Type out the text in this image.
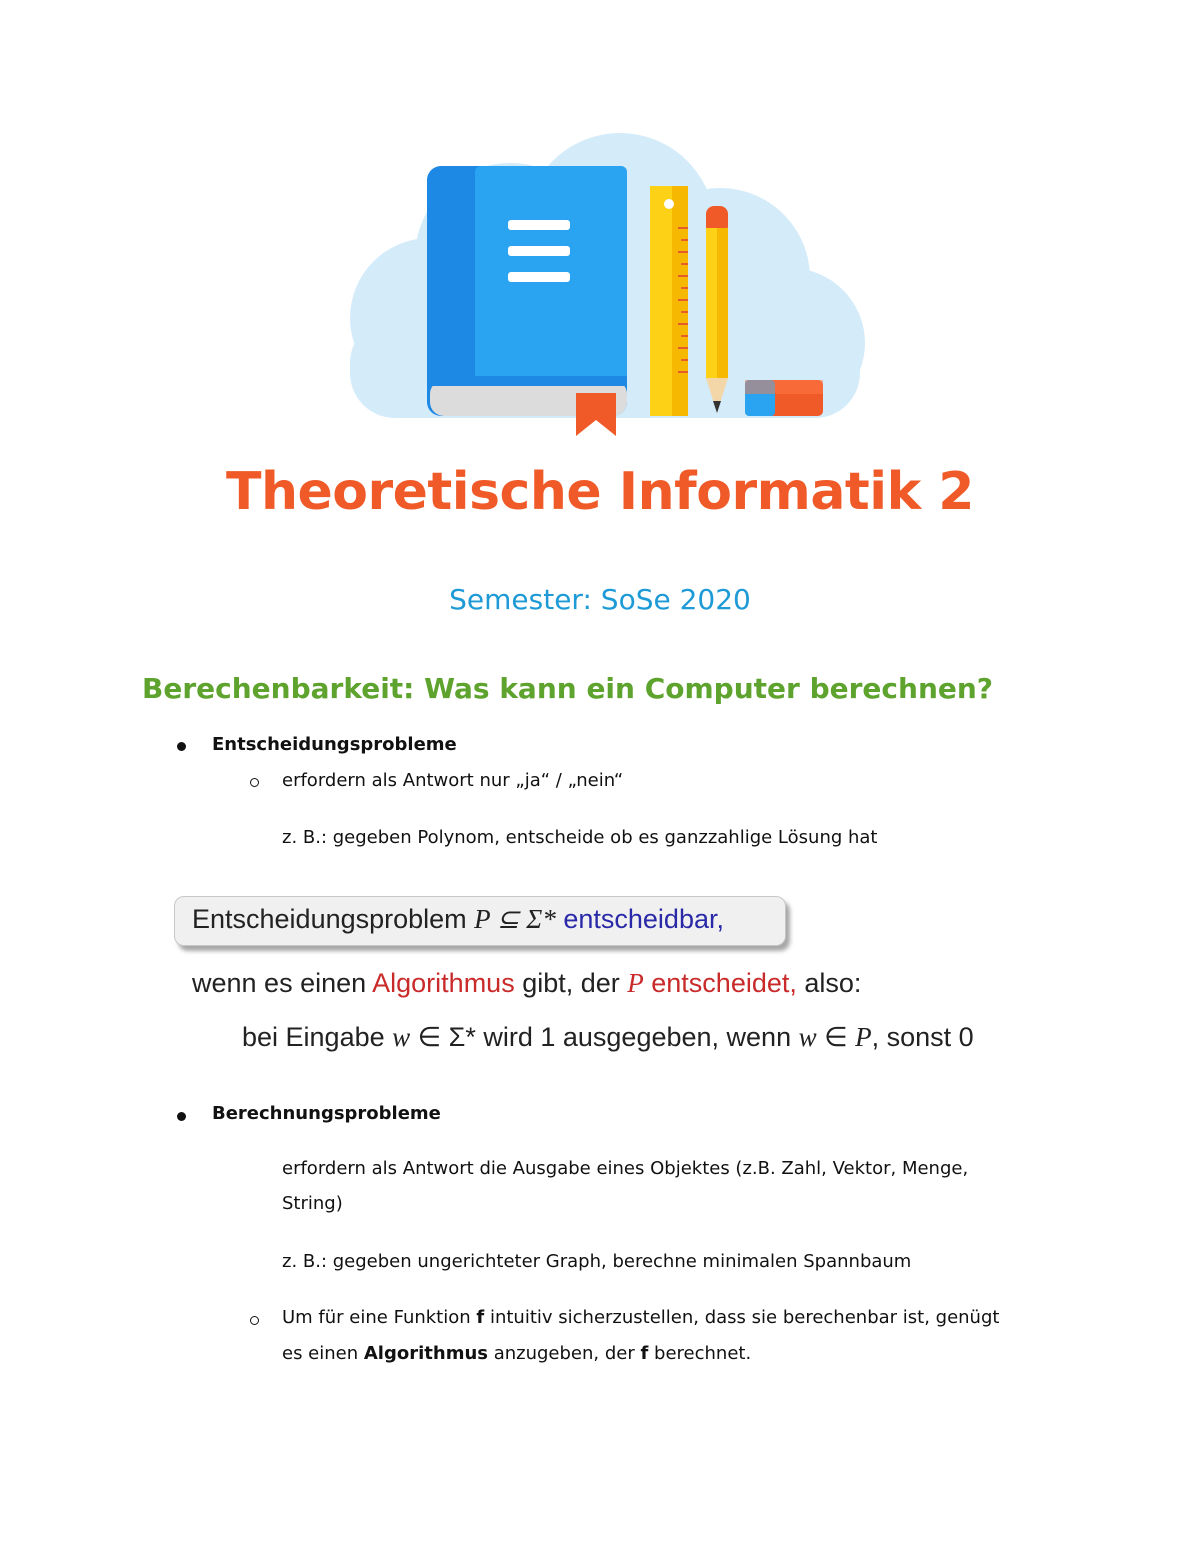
Theoretische Informatik 2
Semester: SoSe 2020
Berechenbarkeit: Was kann ein Computer berechnen?
Entscheidungsprobleme
erfordern als Antwort nur „ja“ / „nein“
z. B.: gegeben Polynom, entscheide ob es ganzzahlige Lösung hat
Entscheidungsproblem P ⊆ Σ* entscheidbar,
wenn es einen Algorithmus gibt, der P entscheidet, also:
bei Eingabe w ∈ Σ* wird 1 ausgegeben, wenn w ∈ P, sonst 0
Berechnungsprobleme
erfordern als Antwort die Ausgabe eines Objektes (z.B. Zahl, Vektor, Menge,
String)
z. B.: gegeben ungerichteter Graph, berechne minimalen Spannbaum
Um für eine Funktion f intuitiv sicherzustellen, dass sie berechenbar ist, genügt
es einen Algorithmus anzugeben, der f berechnet.
